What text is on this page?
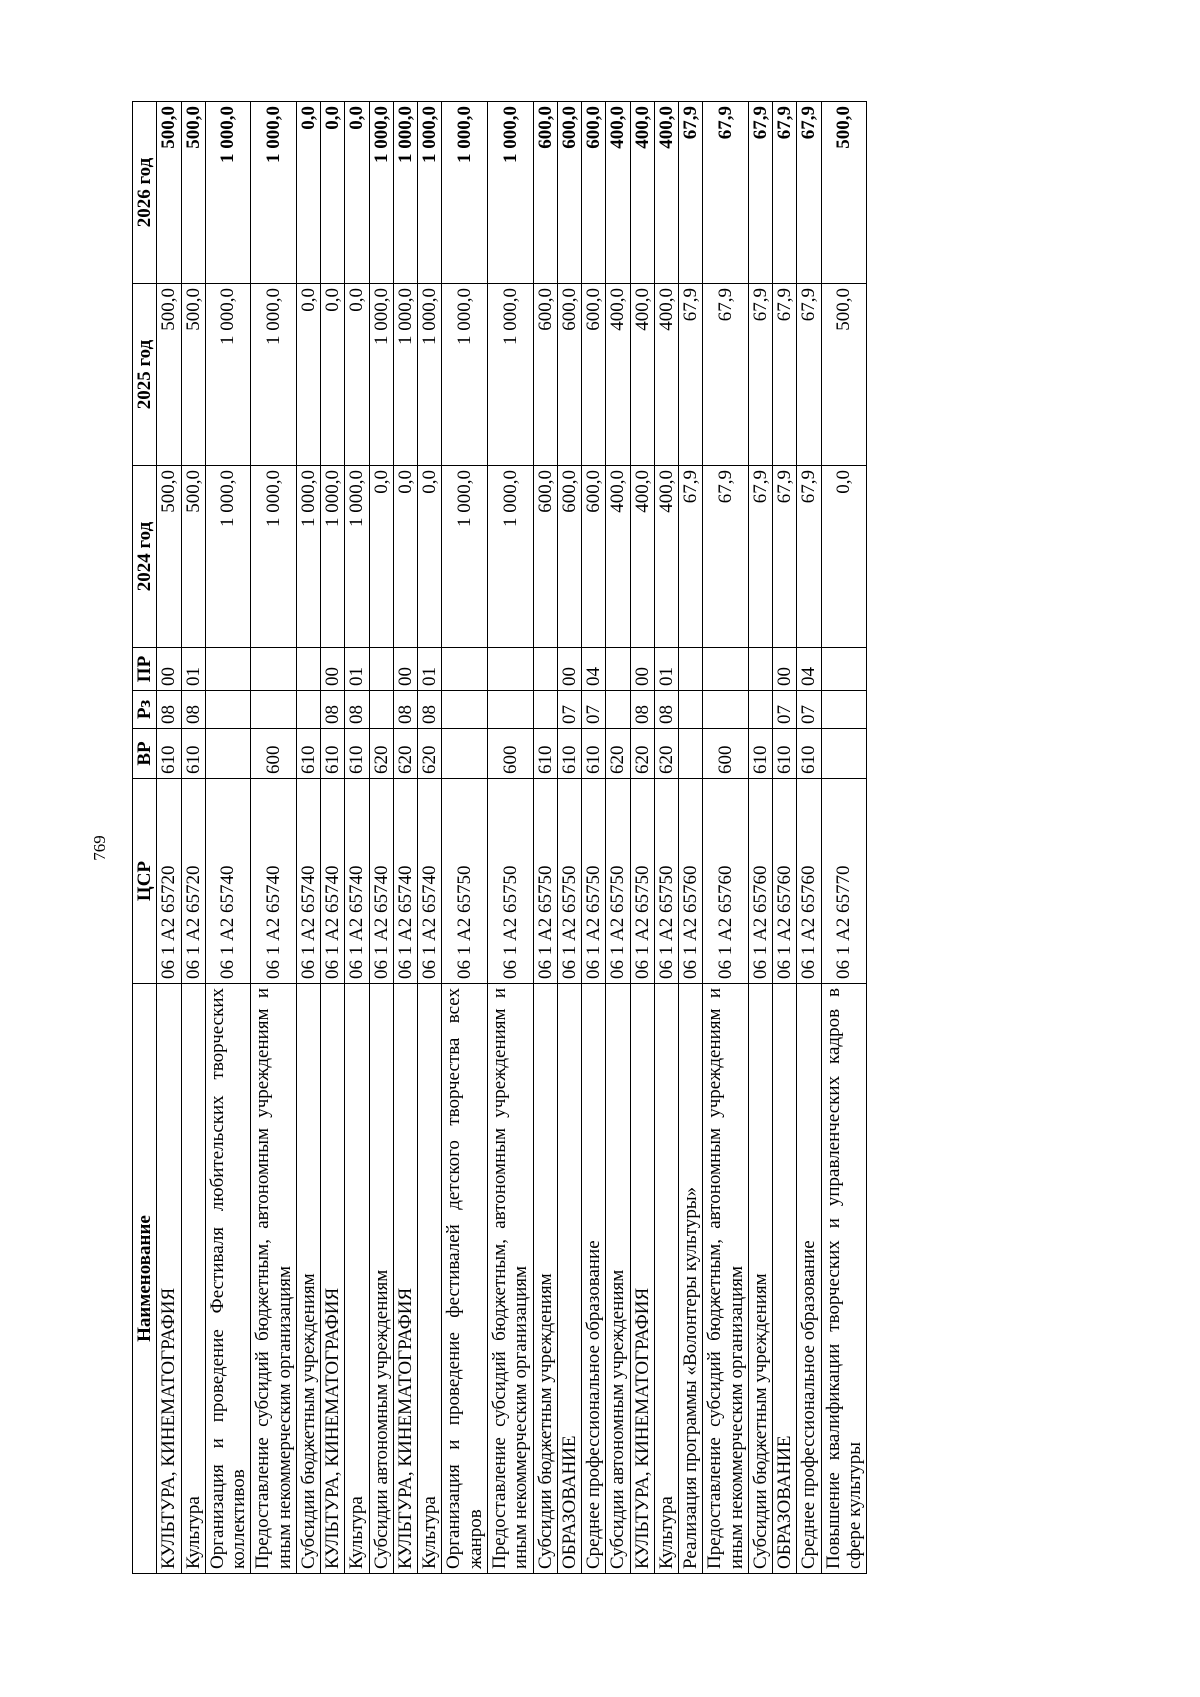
769
Наименование	ЦСР	ВР	Рз	ПР	2024 год	2025 год	2026 год
КУЛЬТУРА, КИНЕМАТОГРАФИЯ	06 1 А2 65720	610	08	00	500,0	500,0	500,0
Культура	06 1 А2 65720	610	08	01	500,0	500,0	500,0
Организация и проведение Фестиваля любительских творческих коллективов	06 1 А2 65740				1 000,0	1 000,0	1 000,0
Предоставление субсидий бюджетным, автономным учреждениям и иным некоммерческим организациям	06 1 А2 65740	600			1 000,0	1 000,0	1 000,0
Субсидии бюджетным учреждениям	06 1 А2 65740	610			1 000,0	0,0	0,0
КУЛЬТУРА, КИНЕМАТОГРАФИЯ	06 1 А2 65740	610	08	00	1 000,0	0,0	0,0
Культура	06 1 А2 65740	610	08	01	1 000,0	0,0	0,0
Субсидии автономным учреждениям	06 1 А2 65740	620			0,0	1 000,0	1 000,0
КУЛЬТУРА, КИНЕМАТОГРАФИЯ	06 1 А2 65740	620	08	00	0,0	1 000,0	1 000,0
Культура	06 1 А2 65740	620	08	01	0,0	1 000,0	1 000,0
Организация и проведение фестивалей детского творчества всех жанров	06 1 А2 65750				1 000,0	1 000,0	1 000,0
Предоставление субсидий бюджетным, автономным учреждениям и иным некоммерческим организациям	06 1 А2 65750	600			1 000,0	1 000,0	1 000,0
Субсидии бюджетным учреждениям	06 1 А2 65750	610			600,0	600,0	600,0
ОБРАЗОВАНИЕ	06 1 А2 65750	610	07	00	600,0	600,0	600,0
Среднее профессиональное образование	06 1 А2 65750	610	07	04	600,0	600,0	600,0
Субсидии автономным учреждениям	06 1 А2 65750	620			400,0	400,0	400,0
КУЛЬТУРА, КИНЕМАТОГРАФИЯ	06 1 А2 65750	620	08	00	400,0	400,0	400,0
Культура	06 1 А2 65750	620	08	01	400,0	400,0	400,0
Реализация программы «Волонтеры культуры»	06 1 А2 65760				67,9	67,9	67,9
Предоставление субсидий бюджетным, автономным учреждениям и иным некоммерческим организациям	06 1 А2 65760	600			67,9	67,9	67,9
Субсидии бюджетным учреждениям	06 1 А2 65760	610			67,9	67,9	67,9
ОБРАЗОВАНИЕ	06 1 А2 65760	610	07	00	67,9	67,9	67,9
Среднее профессиональное образование	06 1 А2 65760	610	07	04	67,9	67,9	67,9
Повышение квалификации творческих и управленческих кадров в сфере культуры	06 1 А2 65770				0,0	500,0	500,0
